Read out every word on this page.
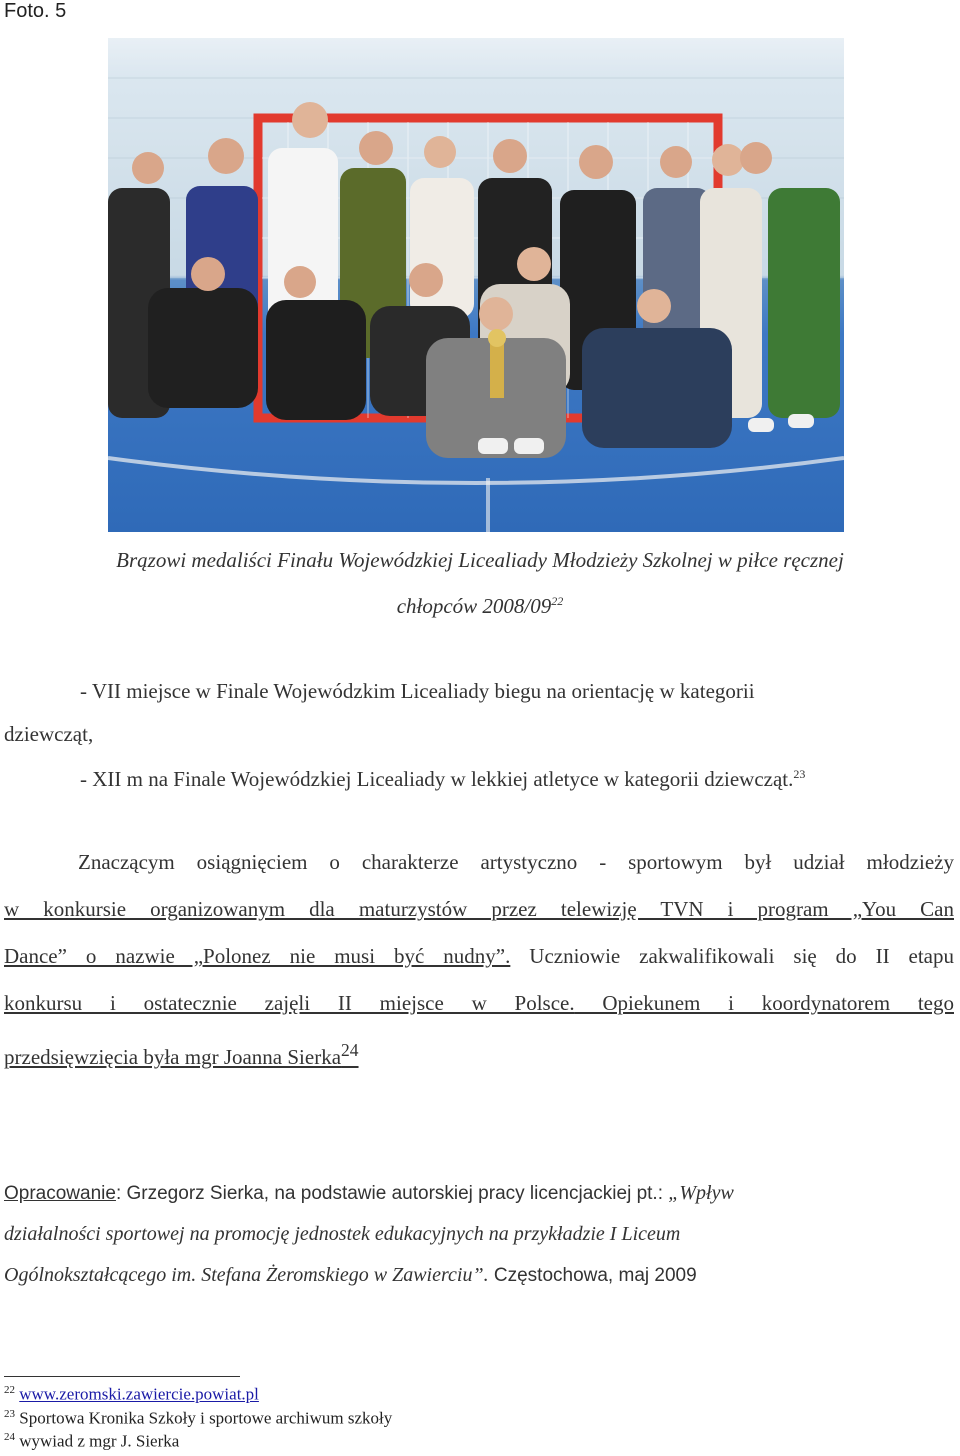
Foto. 5
Brązowi medaliści Finału Wojewódzkiej Licealiady Młodzieży Szkolnej w piłce ręcznej
chłopców $2008/09^{22}$
- VII miejsce w Finale Wojewódzkim Licealiady biegu na orientację w kategorii
dziewcząt,
- XII m na Finale Wojewódzkiej Licealiady w lekkiej atletyce w kategorii dziewcząt.$^{23}$
Znaczącym osiągnięciem o charakterze artystyczno - sportowym był udział młodzieży
w konkursie organizowanym dla maturzystów przez telewizję TVN i program „You Can
Dance” o nazwie „Polonez nie musi być nudny”. Uczniowie zakwalifikowali się do II etapu
konkursu i ostatecznie zajęli II miejsce w Polsce. Opiekunem i koordynatorem tego
przedsięwzięcia była mgr Joanna Sierka$^{24}$
Opracowanie: Grzegorz Sierka, na podstawie autorskiej pracy licencjackiej pt.: „Wpływ
działalności sportowej na promocję jednostek edukacyjnych na przykładzie I Liceum
Ogólnokształcącego im. Stefana Żeromskiego w Zawierciu”. Częstochowa, maj 2009
$^{22}$ www.zeromski.zawiercie.powiat.pl
$^{23}$ Sportowa Kronika Szkoły i sportowe archiwum szkoły
$^{24}$ wywiad z mgr J. Sierka
